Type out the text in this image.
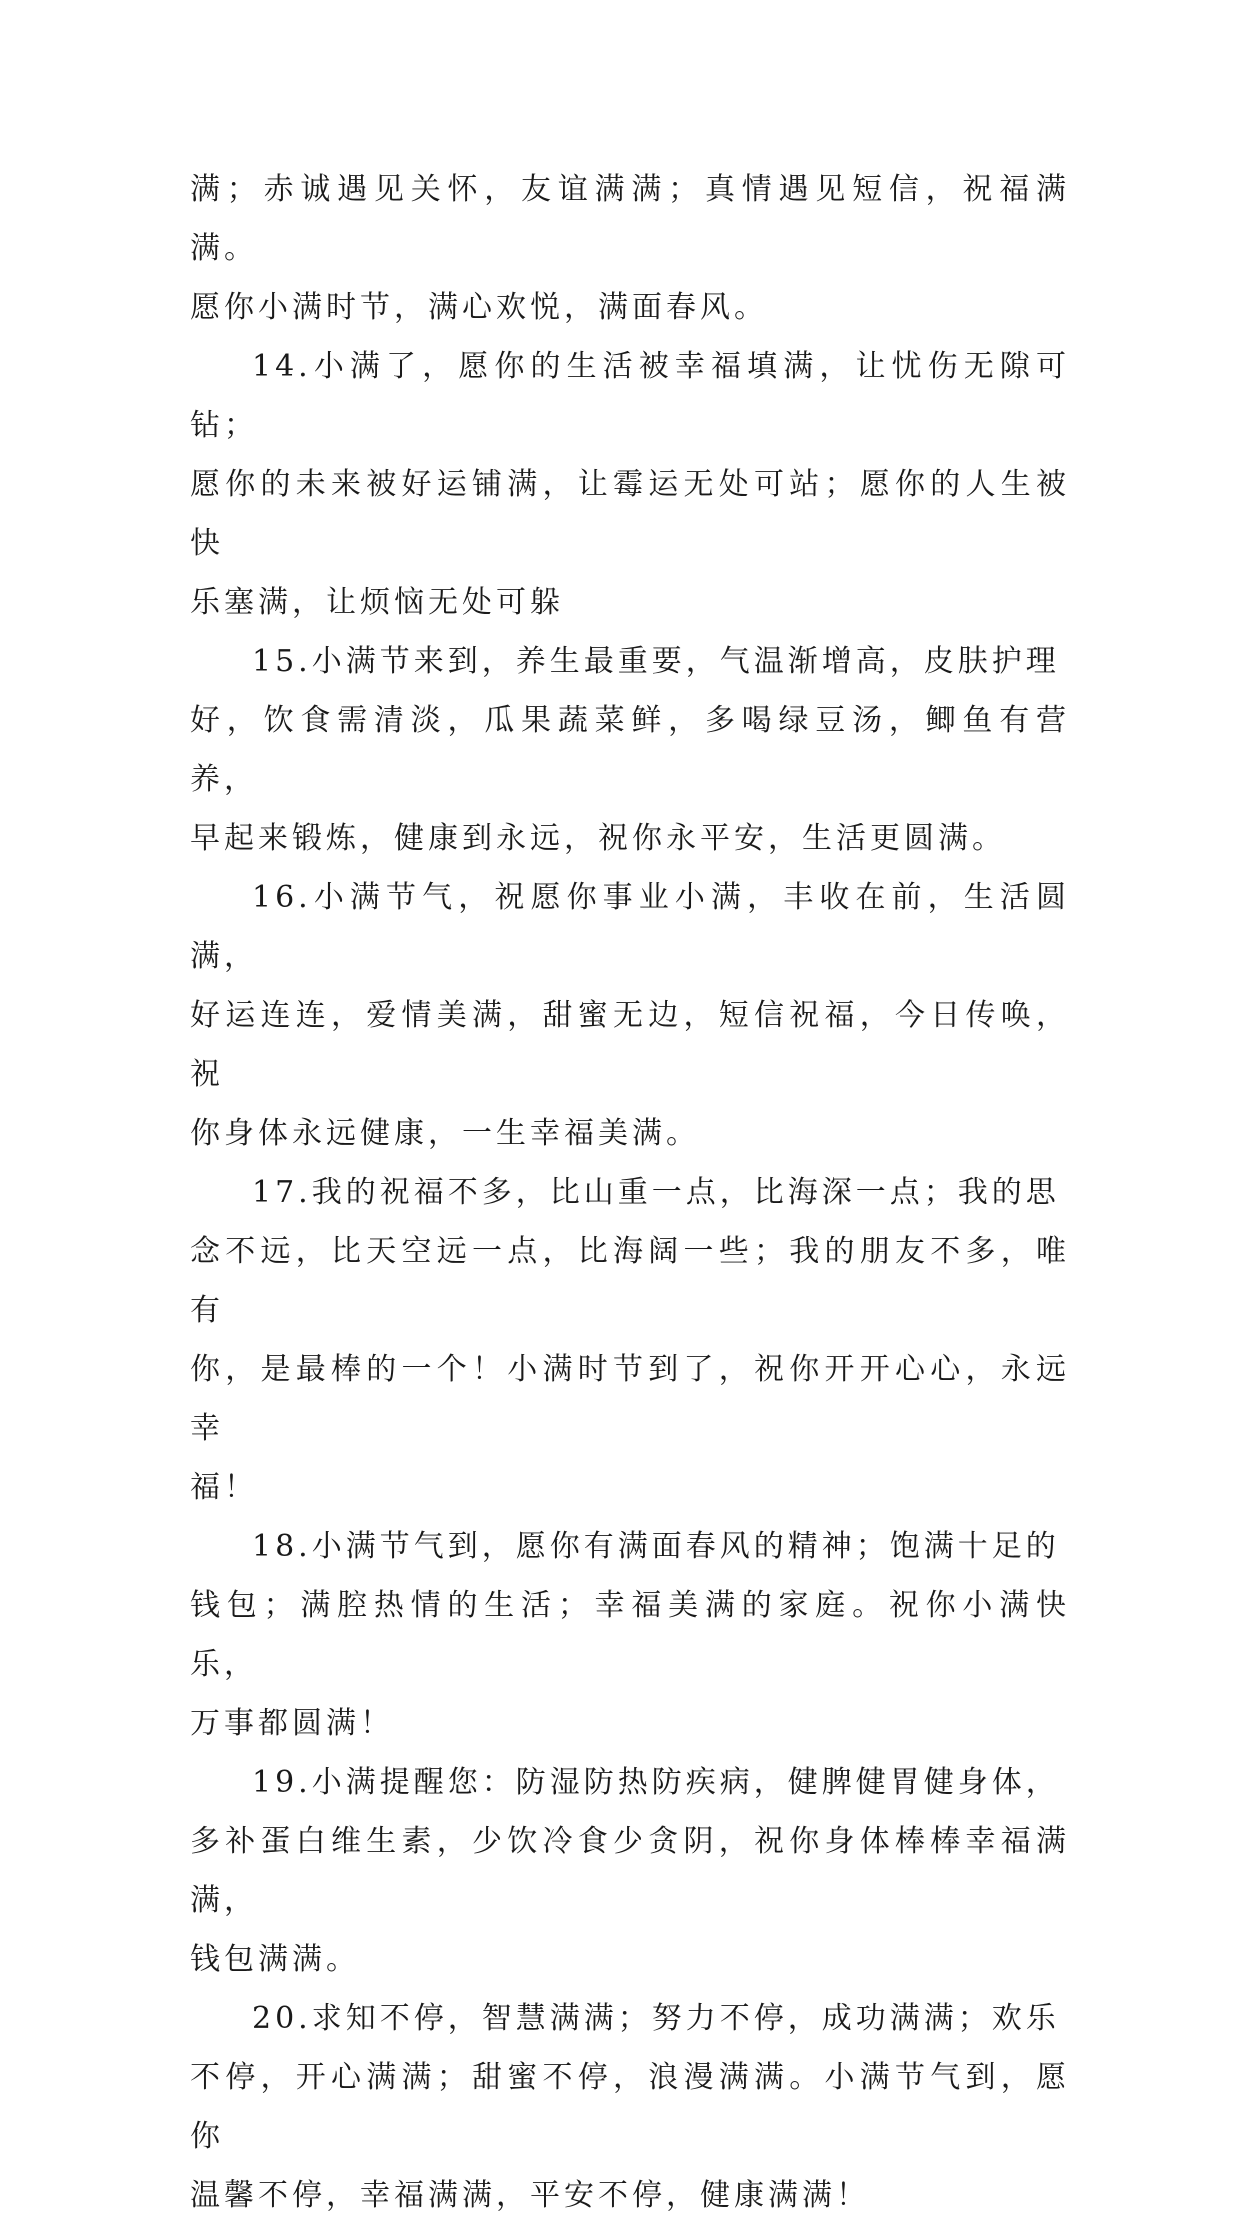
满；赤诚遇见关怀，友谊满满；真情遇见短信，祝福满满。
愿你小满时节，满心欢悦，满面春风。

14.小满了，愿你的生活被幸福填满，让忧伤无隙可钻；
愿你的未来被好运铺满，让霉运无处可站；愿你的人生被快
乐塞满，让烦恼无处可躲

15.小满节来到，养生最重要，气温渐增高，皮肤护理
好，饮食需清淡，瓜果蔬菜鲜，多喝绿豆汤，鲫鱼有营养，
早起来锻炼，健康到永远，祝你永平安，生活更圆满。

16.小满节气，祝愿你事业小满，丰收在前，生活圆满，
好运连连，爱情美满，甜蜜无边，短信祝福，今日传唤，祝
你身体永远健康，一生幸福美满。

17.我的祝福不多，比山重一点，比海深一点；我的思
念不远，比天空远一点，比海阔一些；我的朋友不多，唯有
你，是最棒的一个！小满时节到了，祝你开开心心，永远幸
福！

18.小满节气到，愿你有满面春风的精神；饱满十足的
钱包；满腔热情的生活；幸福美满的家庭。祝你小满快乐，
万事都圆满！

19.小满提醒您：防湿防热防疾病，健脾健胃健身体，
多补蛋白维生素，少饮冷食少贪阴，祝你身体棒棒幸福满满，
钱包满满。

20.求知不停，智慧满满；努力不停，成功满满；欢乐
不停，开心满满；甜蜜不停，浪漫满满。小满节气到，愿你
温馨不停，幸福满满，平安不停，健康满满！
